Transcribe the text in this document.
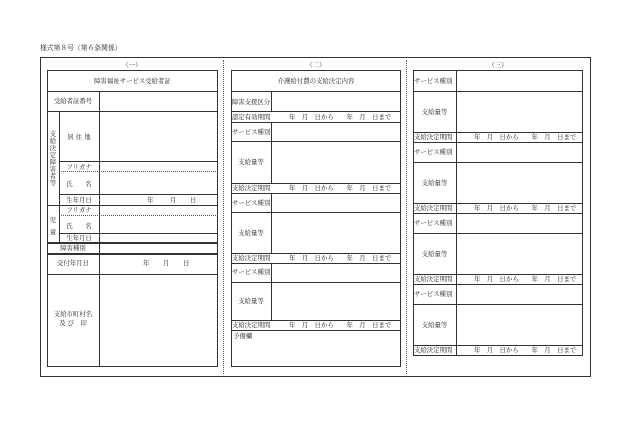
様式第８号（第６条関係）
（一）
障害福祉サービス受給者証
受給者証番号
支給決定障害者等
居 住 地
フリガナ
氏　　名
生年月日	年	月 日
児童
フリガナ
氏　　名
生年月日
障害種別
交付年月日	年 月 日
支給市町村名
及 び　印
（二）
介護給付費の支給決定内容
障害支援区分
認定有効期間	年　月　日から　　年　月　日まで
サービス種別
支給量等
支給決定期間	年　月　日から　　年　月　日まで
サービス種別
支給量等
支給決定期間	年　月　日から　　年　月　日まで
サービス種別
支給量等
支給決定期間	年　月　日から　　年　月　日まで
予備欄
（三）
サービス種別
支給量等
支給決定期間	年　月　日から　　年　月　日まで
サービス種別
支給量等
支給決定期間	年　月　日から　　年　月　日まで
サービス種別
支給量等
支給決定期間	年　月　日から　　年　月　日まで
サービス種別
支給量等
支給決定期間	年　月　日から　　年　月　日まで
